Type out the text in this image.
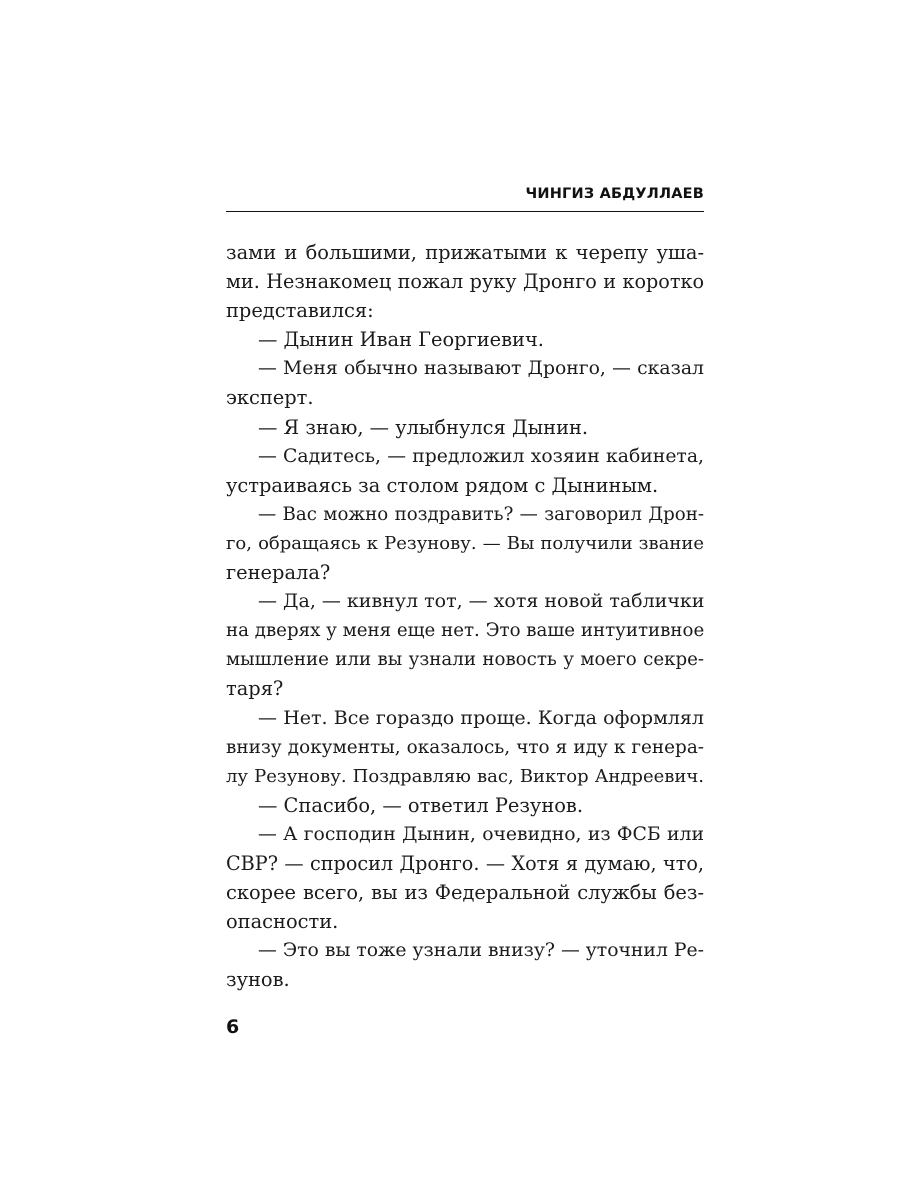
ЧИНГИЗ АБДУЛЛАЕВ
зами и большими, прижатыми к черепу уша-
ми. Незнакомец пожал руку Дронго и коротко
представился:
— Дынин Иван Георгиевич.
— Меня обычно называют Дронго, — сказал
эксперт.
— Я знаю, — улыбнулся Дынин.
— Садитесь, — предложил хозяин кабинета,
устраиваясь за столом рядом с Дыниным.
— Вас можно поздравить? — заговорил Дрон-
го, обращаясь к Резунову. — Вы получили звание
генерала?
— Да, — кивнул тот, — хотя новой таблички
на дверях у меня еще нет. Это ваше интуитивное
мышление или вы узнали новость у моего секре-
таря?
— Нет. Все гораздо проще. Когда оформлял
внизу документы, оказалось, что я иду к генера-
лу Резунову. Поздравляю вас, Виктор Андреевич.
— Спасибо, — ответил Резунов.
— А господин Дынин, очевидно, из ФСБ или
СВР? — спросил Дронго. — Хотя я думаю, что,
скорее всего, вы из Федеральной службы без-
опасности.
— Это вы тоже узнали внизу? — уточнил Ре-
зунов.
6
